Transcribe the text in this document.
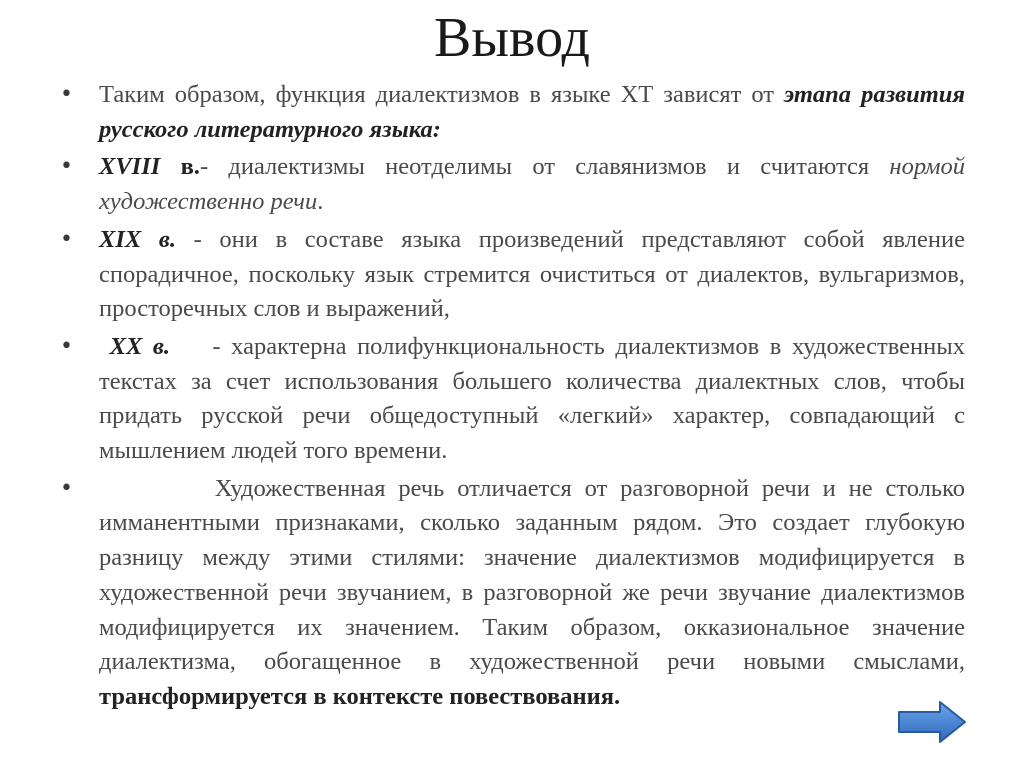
Вывод
• Таким образом, функция диалектизмов в языке ХТ зависят от этапа развития русского литературного языка:
• XVIII в.- диалектизмы неотделимы от славянизмов и считаются нормой художественно речи.
• XIX в. - они в составе языка произведений представляют собой явление спорадичное, поскольку язык стремится очиститься от диалектов, вульгаризмов, просторечных слов и выражений,
• XX в.    - характерна полифункциональность диалектизмов в художественных текстах за счет использования большего количества диалектных слов, чтобы придать русской речи общедоступный «легкий» характер, совпадающий с мышлением людей того времени.
• Художественная речь отличается от разговорной речи и не столько имманентными признаками, сколько заданным рядом. Это создает глубокую разницу между этими стилями: значение диалектизмов модифицируется в художественной речи звучанием, в разговорной же речи звучание диалектизмов модифицируется их значением. Таким образом, окказиональное значение диалектизма, обогащенное в художественной речи новыми смыслами, трансформируется в контексте повествования.
